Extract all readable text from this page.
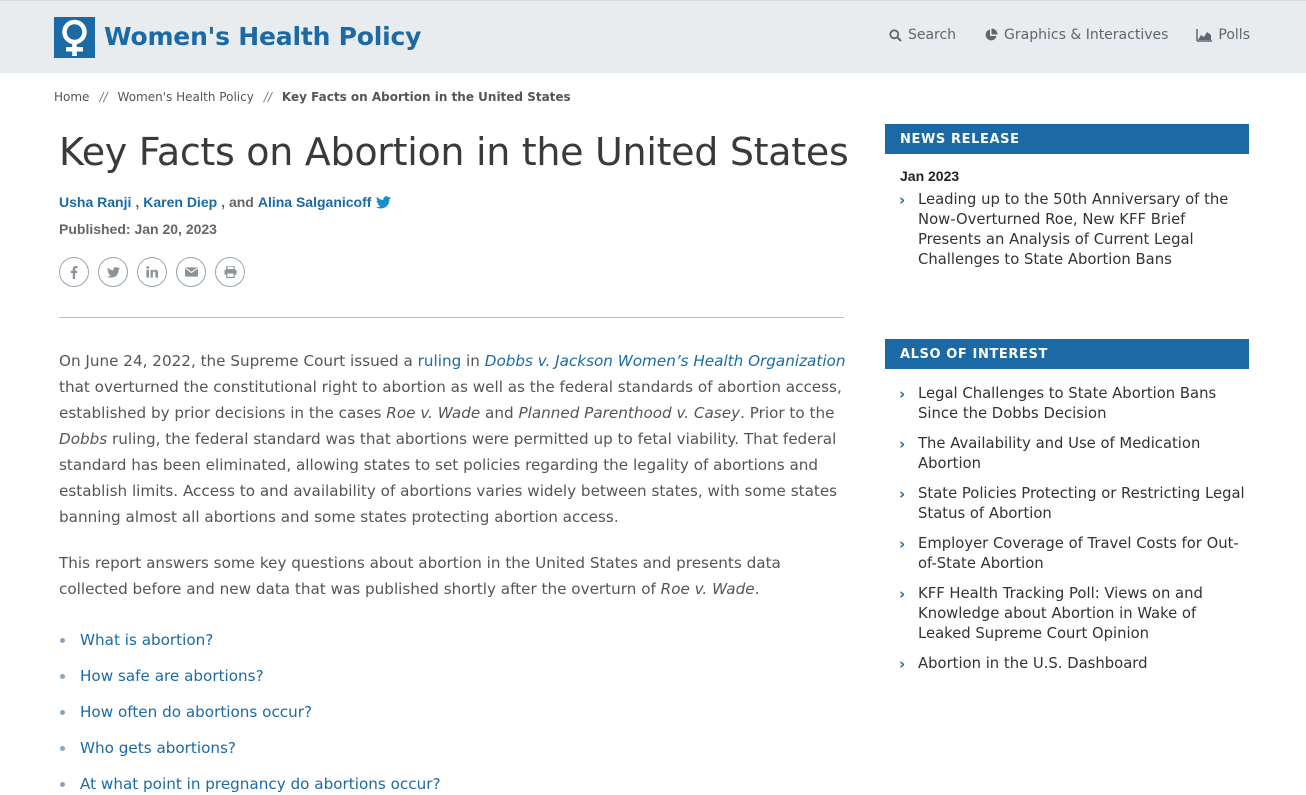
Women's Health Policy	Search	Graphics & Interactives	Polls
Home // Women's Health Policy // Key Facts on Abortion in the United States
Key Facts on Abortion in the United States
Usha Ranji , Karen Diep , and Alina Salganicoff
Published: Jan 20, 2023

On June 24, 2022, the Supreme Court issued a ruling in Dobbs v. Jackson Women’s Health Organization that overturned the constitutional right to abortion as well as the federal standards of abortion access, established by prior decisions in the cases Roe v. Wade and Planned Parenthood v. Casey. Prior to the Dobbs ruling, the federal standard was that abortions were permitted up to fetal viability. That federal standard has been eliminated, allowing states to set policies regarding the legality of abortions and establish limits. Access to and availability of abortions varies widely between states, with some states banning almost all abortions and some states protecting abortion access.

This report answers some key questions about abortion in the United States and presents data collected before and new data that was published shortly after the overturn of Roe v. Wade.

What is abortion?
How safe are abortions?
How often do abortions occur?
Who gets abortions?
At what point in pregnancy do abortions occur?
NEWS RELEASE
Jan 2023
› Leading up to the 50th Anniversary of the Now-Overturned Roe, New KFF Brief Presents an Analysis of Current Legal Challenges to State Abortion Bans
ALSO OF INTEREST
› Legal Challenges to State Abortion Bans Since the Dobbs Decision
› The Availability and Use of Medication Abortion
› State Policies Protecting or Restricting Legal Status of Abortion
› Employer Coverage of Travel Costs for Out-of-State Abortion
› KFF Health Tracking Poll: Views on and Knowledge about Abortion in Wake of Leaked Supreme Court Opinion
› Abortion in the U.S. Dashboard
